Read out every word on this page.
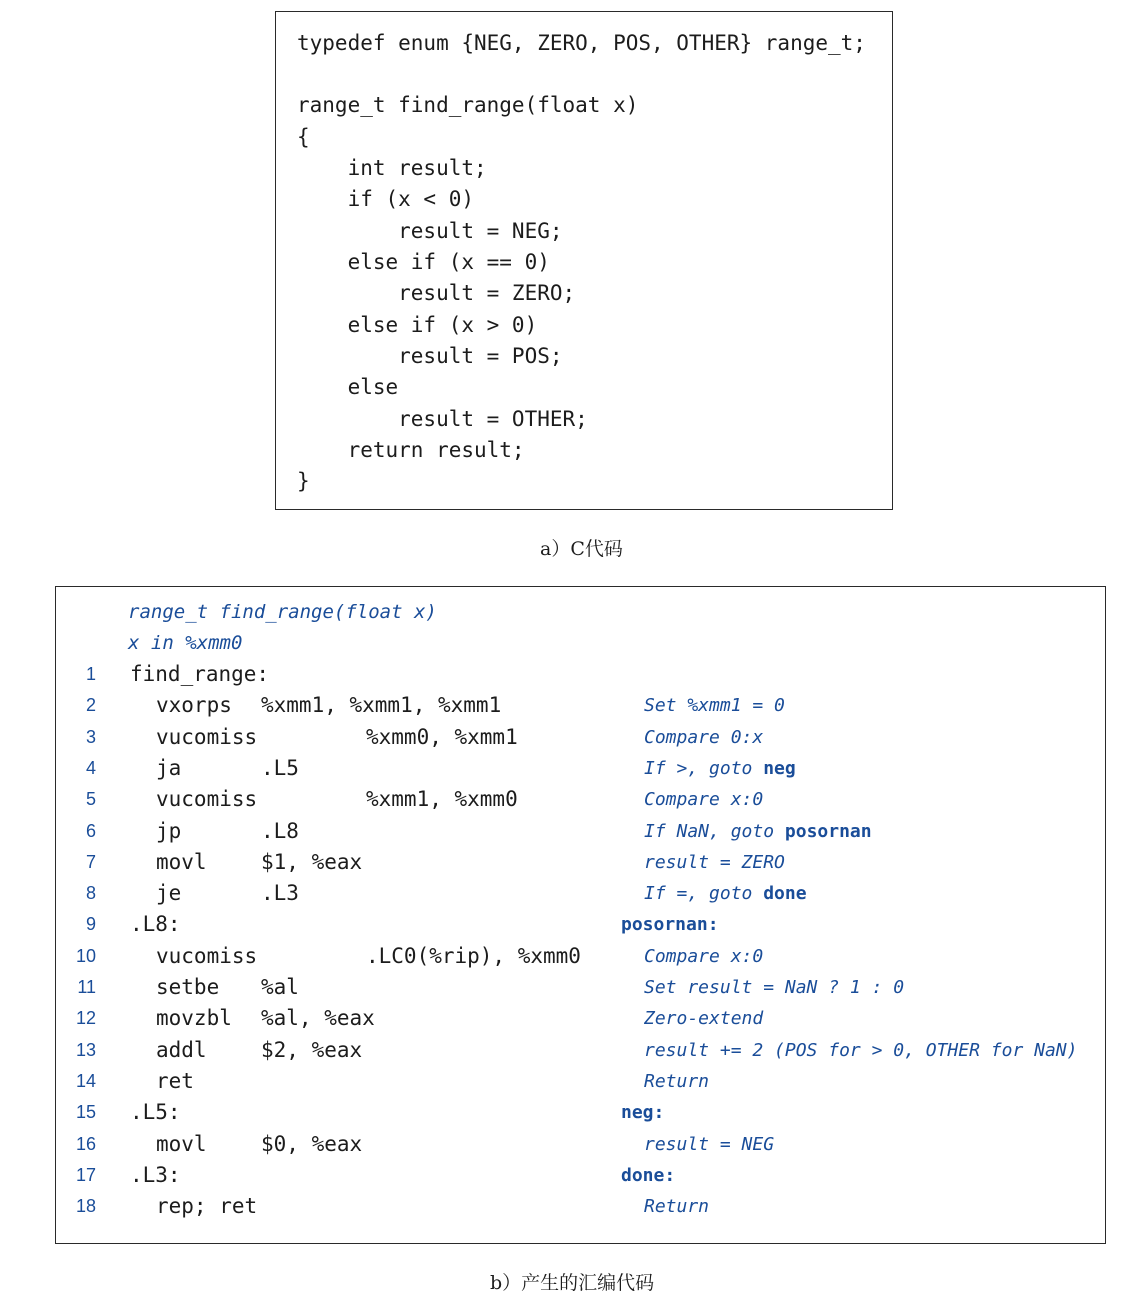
typedef enum {NEG, ZERO, POS, OTHER} range_t;
range_t find_range(float x)
{
int result;
if (x < 0)
result = NEG;
else if (x == 0)
result = ZERO;
else if (x > 0)
result = POS;
else
result = OTHER;
return result;
}
a）C代码
range_t find_range(float x)
x in %xmm0
1 find_range:
2	vxorps %xmm1, %xmm1, %xmm1	Set %xmm1 = 0
3	vucomiss	%xmm0, %xmm1	Compare 0:x
4	ja	.L5	If >, goto neg
5	vucomiss	%xmm1, %xmm0	Compare x:0
6	jp	.L8	If NaN, goto posornan
7	movl	$1, %eax	result = ZERO
8	je	.L3	If =, goto done
9 .L8:	posornan:
10	vucomiss	.LC0(%rip), %xmm0	Compare x:0
11	setbe %al	Set result = NaN ? 1 : 0
12	movzbl %al, %eax	Zero-extend
13	addl	$2, %eax	result += 2 (POS for > 0, OTHER for NaN)
14	ret	Return
15 .L5:	neg:
16	movl	$0, %eax	result = NEG
17 .L3:	done:
18	rep; ret	Return
b）产生的汇编代码
